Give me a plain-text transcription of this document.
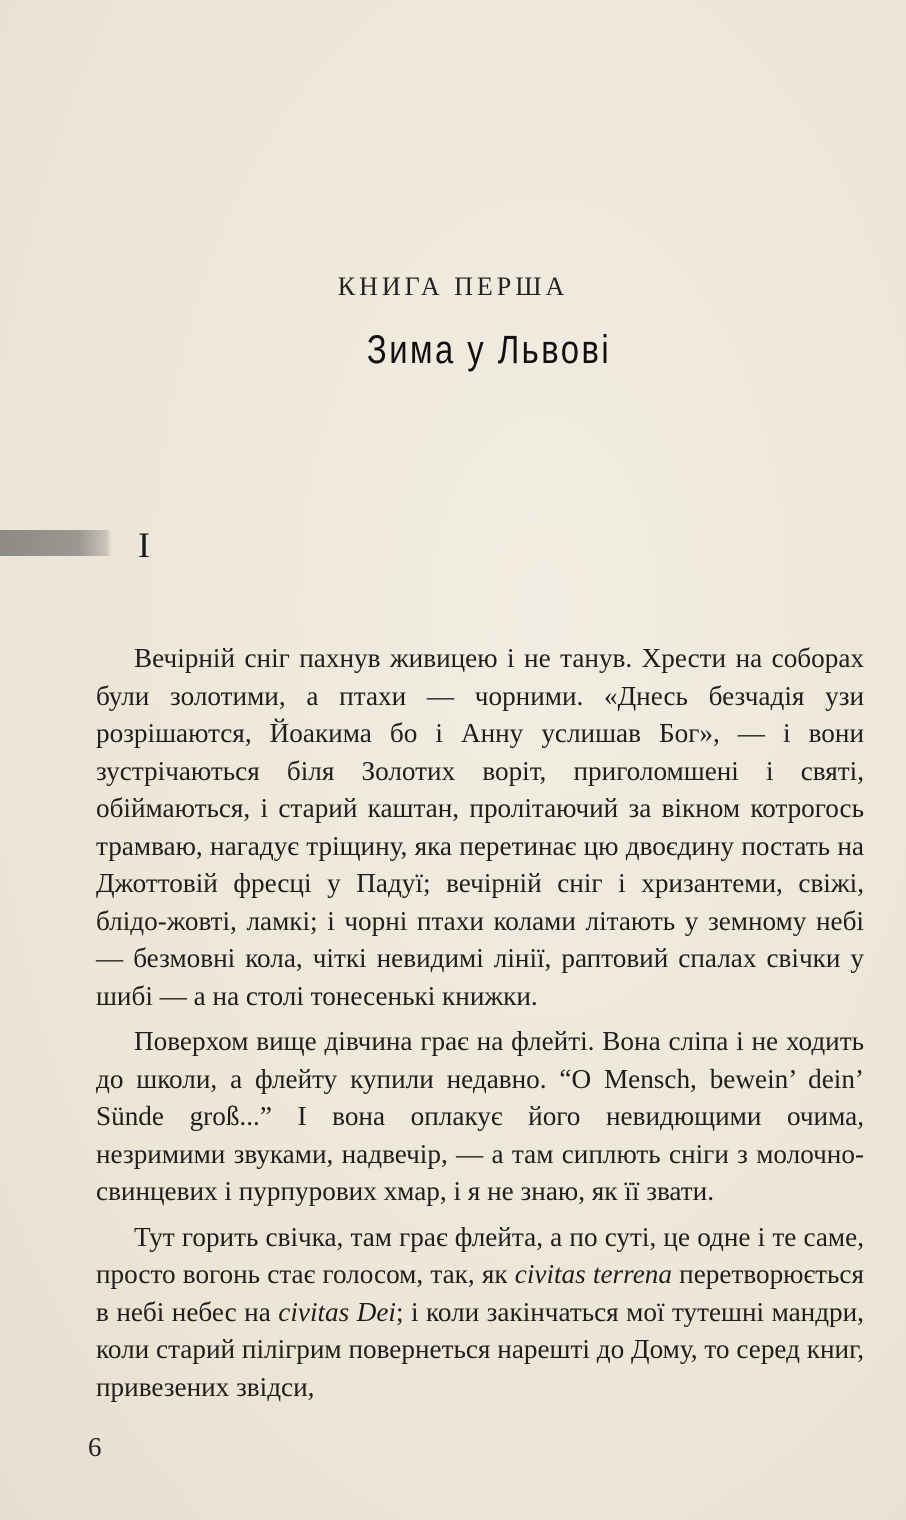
КНИГА ПЕРША
Зима у Львові
I

Вечірній сніг пахнув живицею і не танув. Хрести на соборах були золотими, а птахи — чорними. «Днесь безчадія узи розрішаются, Йоакима бо і Анну услишав Бог», — і вони зустрічаються біля Золотих воріт, приголомшені і святі, обіймаються, і старий каштан, пролітаючий за вікном котрогось трамваю, нагадує тріщину, яка перетинає цю двоєдину постать на Джоттовій фресці у Падуї; вечірній сніг і хризантеми, свіжі, блідо-жовті, ламкі; і чорні птахи колами літають у земному небі — безмовні кола, чіткі невидимі лінії, раптовий спалах свічки у шибі — а на столі тонесенькі книжки.

Поверхом вище дівчина грає на флейті. Вона сліпа і не ходить до школи, а флейту купили недавно. “O Mensch, bewein’ dein’ Sünde groß...” І вона оплакує його невидющими очима, незримими звуками, надвечір, — а там сиплють сніги з молочно-свинцевих і пурпурових хмар, і я не знаю, як її звати.

Тут горить свічка, там грає флейта, а по суті, це одне і те саме, просто вогонь стає голосом, так, як civitas terrena перетворюється в небі небес на civitas Dei; і коли закінчаться мої тутешні мандри, коли старий пілігрим повернеться нарешті до Дому, то серед книг, привезених звідси,

6
